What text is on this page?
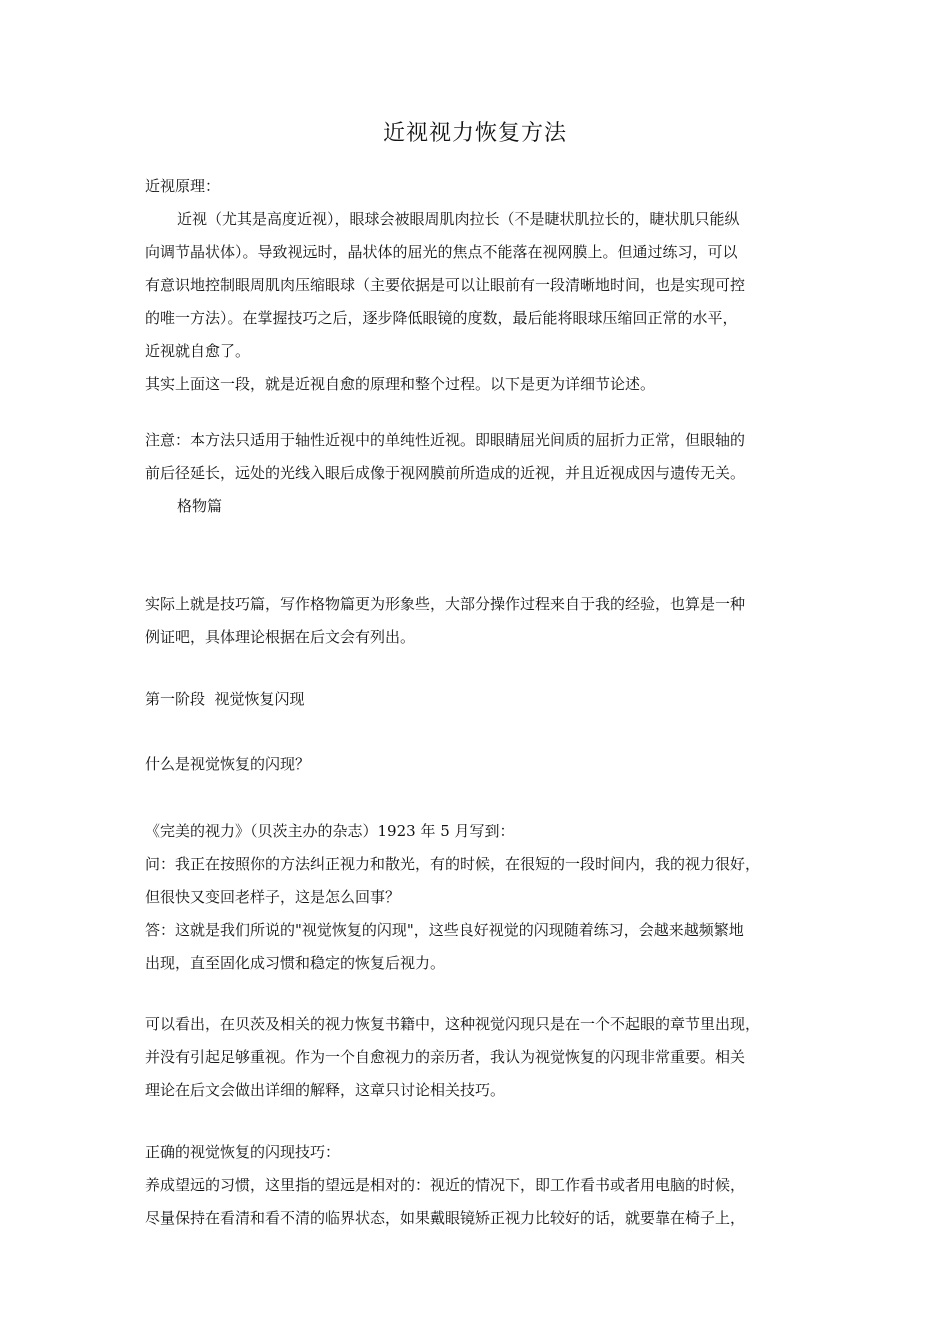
近视视力恢复方法
近视原理：
近视（尤其是高度近视），眼球会被眼周肌肉拉长（不是睫状肌拉长的，睫状肌只能纵
向调节晶状体）。导致视远时，晶状体的屈光的焦点不能落在视网膜上。但通过练习，可以
有意识地控制眼周肌肉压缩眼球（主要依据是可以让眼前有一段清晰地时间，也是实现可控
的唯一方法）。在掌握技巧之后，逐步降低眼镜的度数，最后能将眼球压缩回正常的水平，
近视就自愈了。
其实上面这一段，就是近视自愈的原理和整个过程。以下是更为详细节论述。
注意：本方法只适用于轴性近视中的单纯性近视。即眼睛屈光间质的屈折力正常，但眼轴的
前后径延长，远处的光线入眼后成像于视网膜前所造成的近视，并且近视成因与遗传无关。
格物篇
实际上就是技巧篇，写作格物篇更为形象些，大部分操作过程来自于我的经验，也算是一种
例证吧，具体理论根据在后文会有列出。
第一阶段  视觉恢复闪现
什么是视觉恢复的闪现？
《完美的视力》（贝茨主办的杂志）1923 年 5 月写到：
问：我正在按照你的方法纠正视力和散光，有的时候，在很短的一段时间内，我的视力很好，
但很快又变回老样子，这是怎么回事？
答：这就是我们所说的"视觉恢复的闪现"，这些良好视觉的闪现随着练习，会越来越频繁地
出现，直至固化成习惯和稳定的恢复后视力。
可以看出，在贝茨及相关的视力恢复书籍中，这种视觉闪现只是在一个不起眼的章节里出现，
并没有引起足够重视。作为一个自愈视力的亲历者，我认为视觉恢复的闪现非常重要。相关
理论在后文会做出详细的解释，这章只讨论相关技巧。
正确的视觉恢复的闪现技巧：
养成望远的习惯，这里指的望远是相对的：视近的情况下，即工作看书或者用电脑的时候，
尽量保持在看清和看不清的临界状态，如果戴眼镜矫正视力比较好的话，就要靠在椅子上，
